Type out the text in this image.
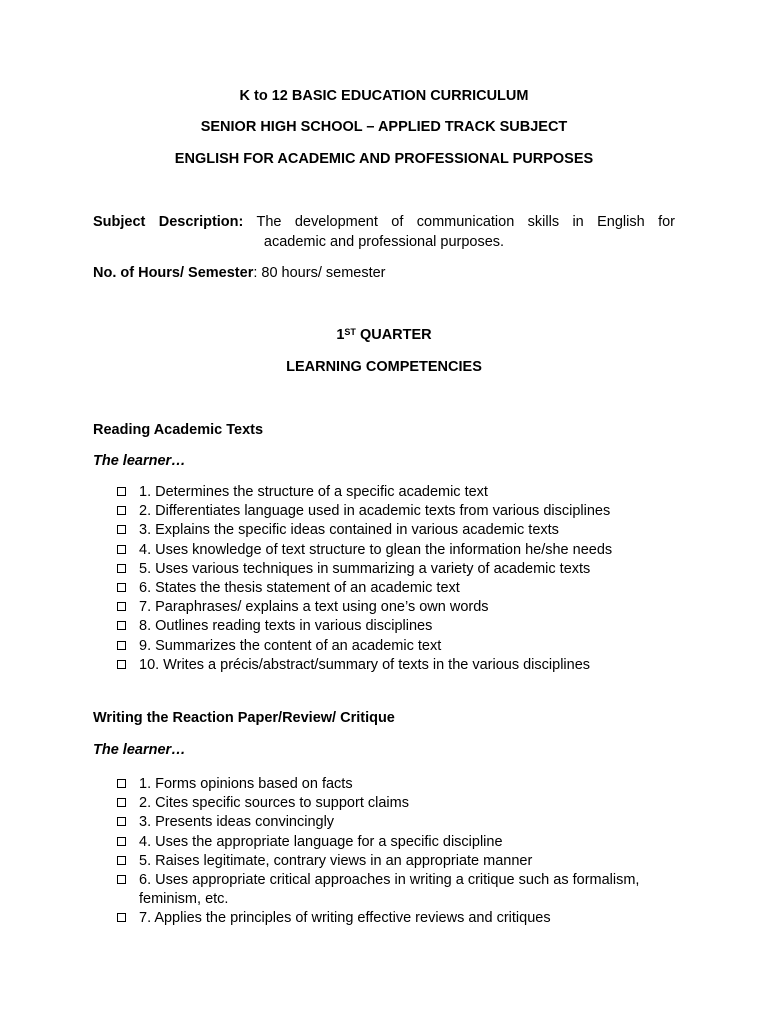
K to 12 BASIC EDUCATION CURRICULUM
SENIOR HIGH SCHOOL – APPLIED TRACK SUBJECT
ENGLISH FOR ACADEMIC AND PROFESSIONAL PURPOSES
Subject Description: The development of communication skills in English for
academic and professional purposes.
No. of Hours/ Semester: 80 hours/ semester
1ST QUARTER
LEARNING COMPETENCIES
Reading Academic Texts
The learner…
1. Determines the structure of a specific academic text
2. Differentiates language used in academic texts from various disciplines
3. Explains the specific ideas contained in various academic texts
4. Uses knowledge of text structure to glean the information he/she needs
5. Uses various techniques in summarizing a variety of academic texts
6. States the thesis statement of an academic text
7. Paraphrases/ explains a text using one’s own words
8. Outlines reading texts in various disciplines
9. Summarizes the content of an academic text
10. Writes a précis/abstract/summary of texts in the various disciplines
Writing the Reaction Paper/Review/ Critique
The learner…
1. Forms opinions based on facts
2. Cites specific sources to support claims
3. Presents ideas convincingly
4. Uses the appropriate language for a specific discipline
5. Raises legitimate, contrary views in an appropriate manner
6. Uses appropriate critical approaches in writing a critique such as formalism, feminism, etc.
7. Applies the principles of writing effective reviews and critiques
